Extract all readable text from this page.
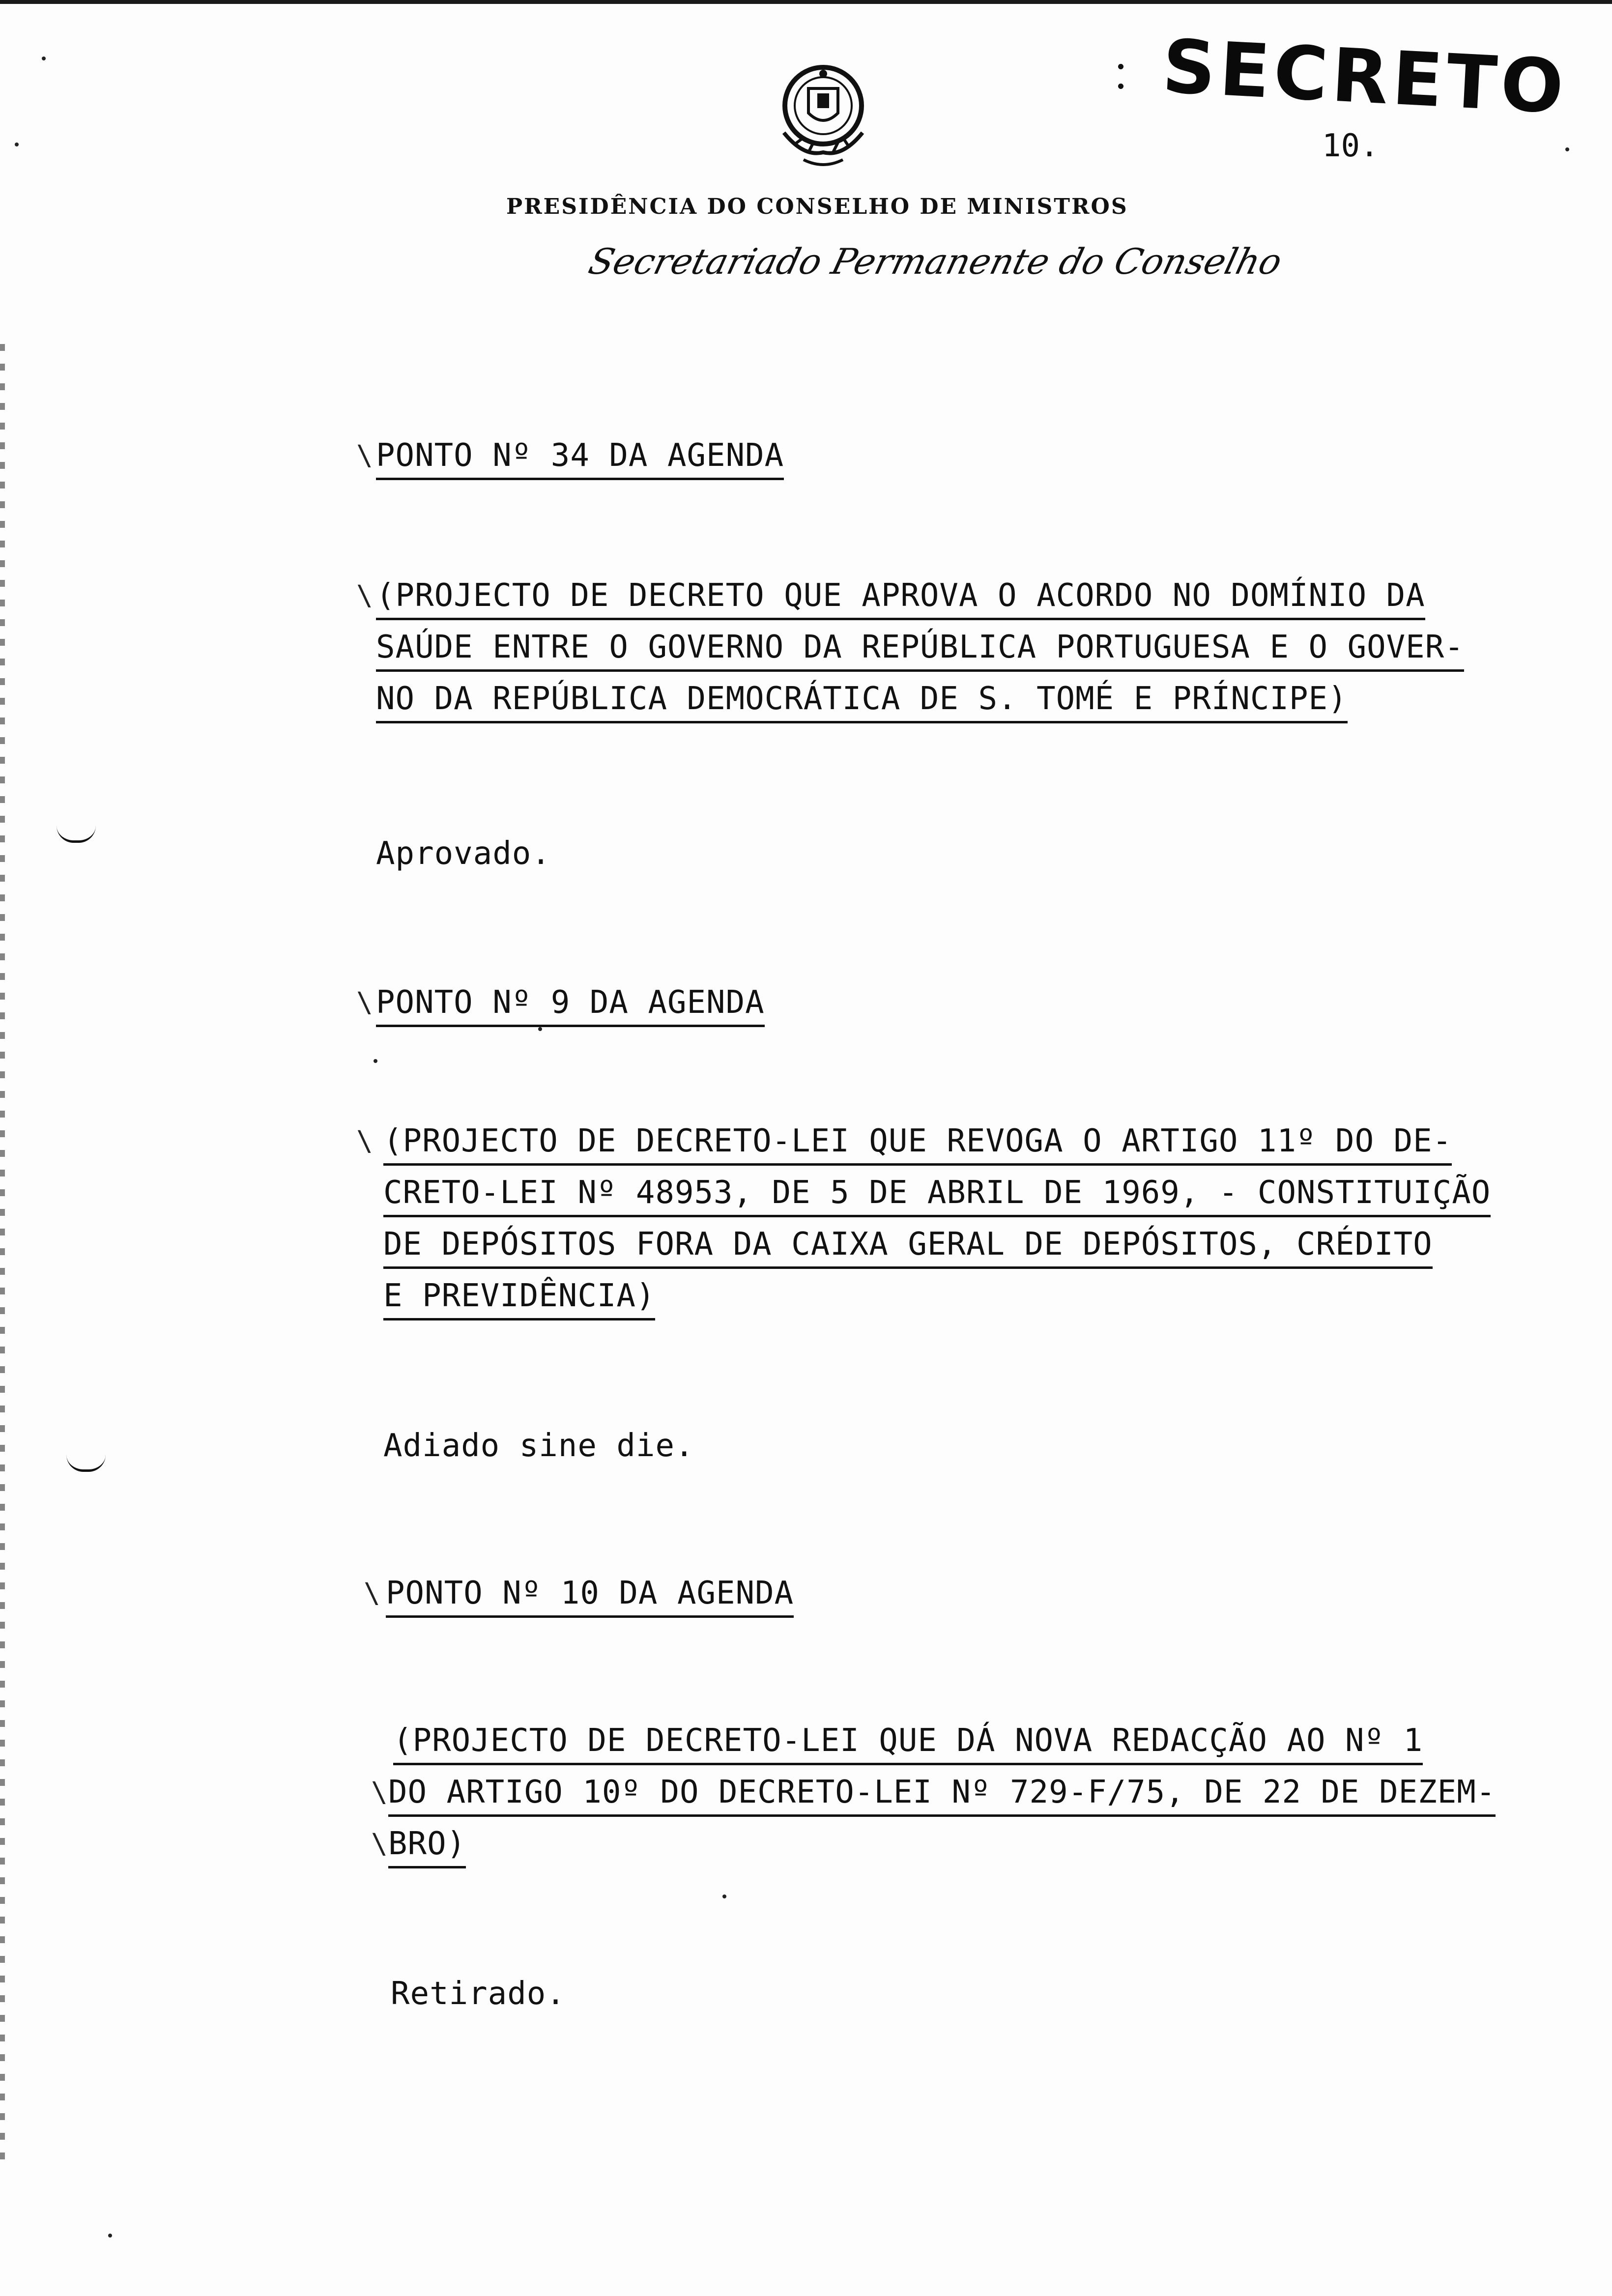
SECRETO
10.
PRESIDÊNCIA DO CONSELHO DE MINISTROS
Secretariado Permanente do Conselho
\ PONTO Nº 34 DA AGENDA
\ (PROJECTO DE DECRETO QUE APROVA O ACORDO NO DOMÍNIO DA
SAÚDE ENTRE O GOVERNO DA REPÚBLICA PORTUGUESA E O GOVER-
NO DA REPÚBLICA DEMOCRÁTICA DE S. TOMÉ E PRÍNCIPE)
Aprovado.
\ PONTO Nº 9 DA AGENDA
\ (PROJECTO DE DECRETO-LEI QUE REVOGA O ARTIGO 11º DO DE-
CRETO-LEI Nº 48953, DE 5 DE ABRIL DE 1969, - CONSTITUIÇÃO
DE DEPÓSITOS FORA DA CAIXA GERAL DE DEPÓSITOS, CRÉDITO
E PREVIDÊNCIA)
Adiado sine die.
\ PONTO Nº 10 DA AGENDA
(PROJECTO DE DECRETO-LEI QUE DÁ NOVA REDACÇÃO AO Nº 1
\ DO ARTIGO 10º DO DECRETO-LEI Nº 729-F/75, DE 22 DE DEZEM-
\ BRO)
Retirado.
